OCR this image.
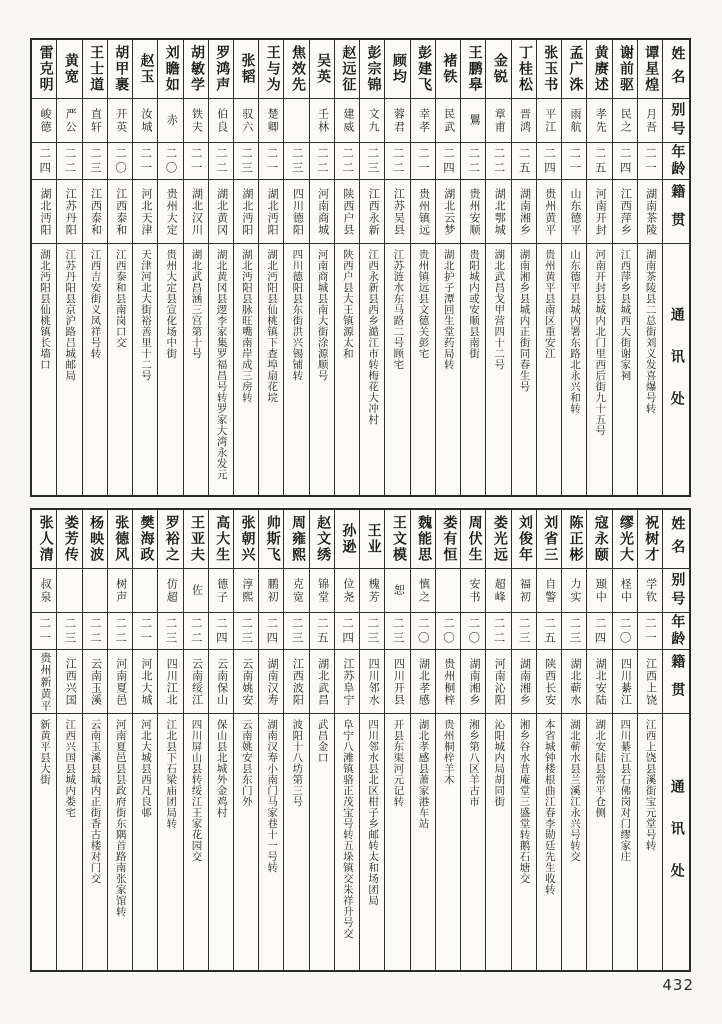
姓名
别号
年龄
籍贯
通讯处
谭星煌
月吾
二一
湖南茶陵
湖南茶陵县二总街刘义发喜爆号转
谢前驱
民之
二四
江西萍乡
江西萍乡县城西大街谢家祠
黄赓述
孝先
二五
河南开封
河南开封县城内北门里西后街九十五号
孟广洙
雨航
二一
山东德平
山东德平县城内署东路北永兴和转
张玉书
平江
二四
贵州黄平
贵州黄平县南区重安江
丁桂松
晋鸿
二五
湖南湘乡
湖南湘乡县城内正街同春生号
金锐
章甫
二二
湖北鄂城
湖北武昌戈甲营四十二号
王鹏皋
鸎
二二
贵州安顺
贵阳城内或安顺县南街
褚铁
民武
二四
湖北云梦
湖北护子潭回生堂药局转
彭建飞
幸孝
二一
贵州镇远
贵州镇远县文德关彭宅
顾均
蓉君
二二
江苏吴县
江苏涟水东马路二号顾宅
彭宗锦
文九
二三
江西永新
江西永新县西乡澔江市转梅花大冲村
赵远征
建威
二二
陕西户县
陕西户县大王镇源太和
吴英
壬林
二二
河南商城
河南商城县南大街涂源顺号
焦效先
二三
四川德阳
四川德阳县东街洪兴锡铺转
王与为
楚卿
二一
湖北沔阳
湖北沔阳县仙桃镇下查埠扇花垸
张韬
驭六
二三
湖北沔阳
湖北沔阳县脉旺嘴南岸成三房转
罗鸿声
伯良
二二
湖北黄冈
湖北黄冈县逻李家集罗福昌号转罗家大湾永发元
胡敏学
铁夫
二一
湖北汉川
湖北武昌涵三宫第十号
刘瞻如
赤
二〇
贵州大定
贵州大定县宣化场中街
赵玉
汝城
二一
河北天津
天津河北大街裕善里十二号
胡甲裹
开英
二〇
江西泰和
江西泰和县南岗口交
王士道
直轩
二三
江西泰和
江西吉安街义凤祥号转
黄宽
严公
二二
江苏丹阳
江苏丹阳县京沪路吕城邮局
雷克明
峻德
二四
湖北沔阳
湖北沔阳县仙桃镇长墙口
姓名
别号
年龄
籍贯
通讯处
祝树才
学钦
二一
江西上饶
江西上饶县溪街宝元堂号转
缪光大
柽中
二〇
四川綦江
四川綦江县石佛岗对门缪家庄
寇永颐
颋中
二四
湖北安陆
湖北安陆县常平仓侧
陈正彬
力实
二三
湖北蕲水
湖北蕲水县兰溪江永兴号转交
刘省三
自警
二五
陕西长安
本省城钟楼根曲江春李勋廷先生收转
刘俊年
福初
二三
湖南湘乡
湘乡谷水昔庵堂三盛堂转鹅石塘交
娄光远
超峰
二二
河南沁阳
沁阳城内局胡同街
周伏生
安书
二〇
湖南湘乡
湘乡第八区羊古市
娄有恒
二〇
贵州桐梓
贵州桐梓羊木
魏能思
慎之
二〇
湖北孝感
湖北孝感县萧家港车站
王文模
恕
二三
四川开县
开县东渠河元记转
王业
槐芳
二三
四川邻水
四川邻水县北区柑子乡邮转太和场团局
孙逊
位尧
二四
江苏阜宁
阜宁八滩镇骆正茂宝号转五垛镇交朱祥升号交
赵文绣
锦堂
二五
湖北武昌
武昌金口
周雍熙
克宽
二三
江西波阳
波阳十八坊第三号
帅斯飞
鹏初
二四
湖南汉寿
湖南汉寿小南门马家巷十一号转
张朝兴
淳熙
二三
云南姚安
云南姚安县东门外
高大生
德子
二四
云南保山
保山县北城外金鸡村
王亚夫
佐
二二
云南绥江
四川屏山县转绥江王家花园交
罗裕之
仿超
二三
四川江北
江北县下石梁庙团局转
樊海政
二一
河北大城
河北大城县西凡良邨
张德风
树声
二二
河南夏邑
河南夏邑县县政府街东隅首路南张家馆转
杨映波
二二
云南玉溪
云南玉溪县城内正街香古楼对门交
娄芳传
二三
江西兴国
江西兴国县城内娄宅
张人清
叔泉
二一
贵州新黄平
新黄平县大街
432
